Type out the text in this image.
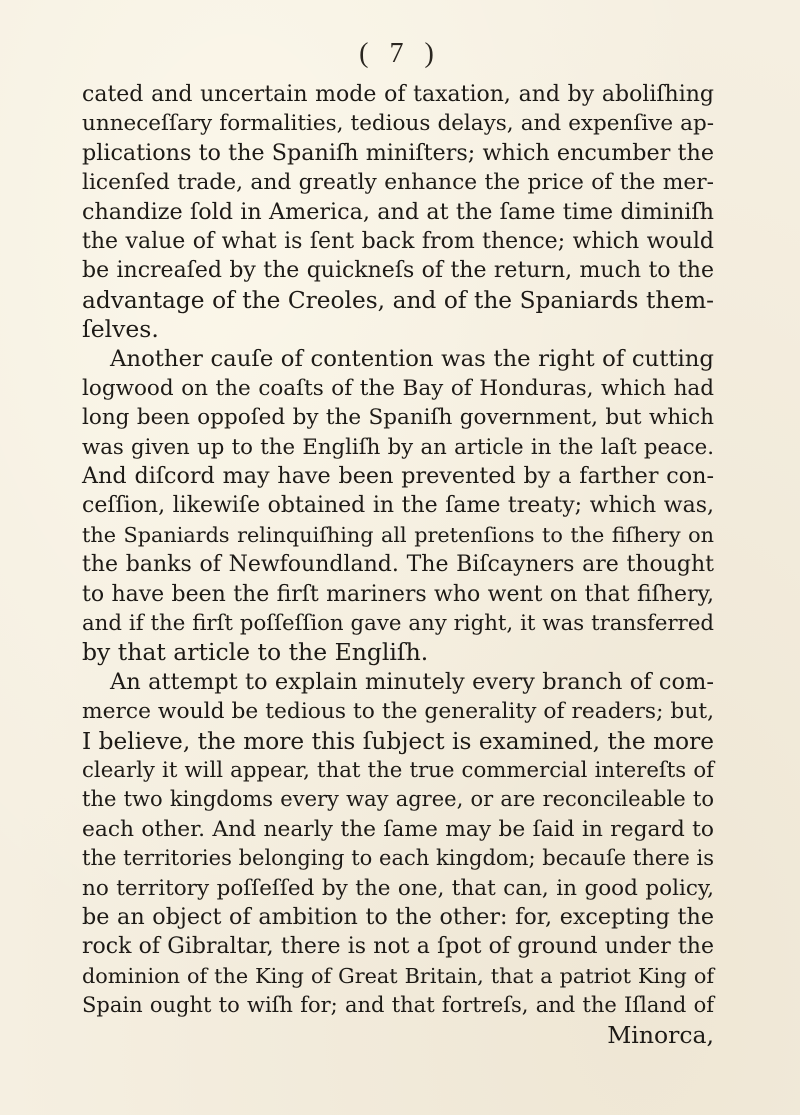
( 7 )
cated and uncertain mode of taxation, and by aboliſhing
unneceſſary formalities, tedious delays, and expenſive ap-
plications to the Spaniſh miniſters; which encumber the
licenſed trade, and greatly enhance the price of the mer-
chandize ſold in America, and at the ſame time diminiſh
the value of what is ſent back from thence; which would
be increaſed by the quickneſs of the return, much to the
advantage of the Creoles, and of the Spaniards them-
ſelves.
Another cauſe of contention was the right of cutting
logwood on the coaſts of the Bay of Honduras, which had
long been oppoſed by the Spaniſh government, but which
was given up to the Engliſh by an article in the laſt peace.
And diſcord may have been prevented by a farther con-
ceſſion, likewiſe obtained in the ſame treaty; which was,
the Spaniards relinquiſhing all pretenſions to the fiſhery on
the banks of Newfoundland. The Biſcayners are thought
to have been the firſt mariners who went on that fiſhery,
and if the firſt poſſeſſion gave any right, it was transferred
by that article to the Engliſh.
An attempt to explain minutely every branch of com-
merce would be tedious to the generality of readers; but,
I believe, the more this ſubject is examined, the more
clearly it will appear, that the true commercial intereſts of
the two kingdoms every way agree, or are reconcileable to
each other. And nearly the ſame may be ſaid in regard to
the territories belonging to each kingdom; becauſe there is
no territory poſſeſſed by the one, that can, in good policy,
be an object of ambition to the other: for, excepting the
rock of Gibraltar, there is not a ſpot of ground under the
dominion of the King of Great Britain, that a patriot King of
Spain ought to wiſh for; and that fortreſs, and the Iſland of
Minorca,
